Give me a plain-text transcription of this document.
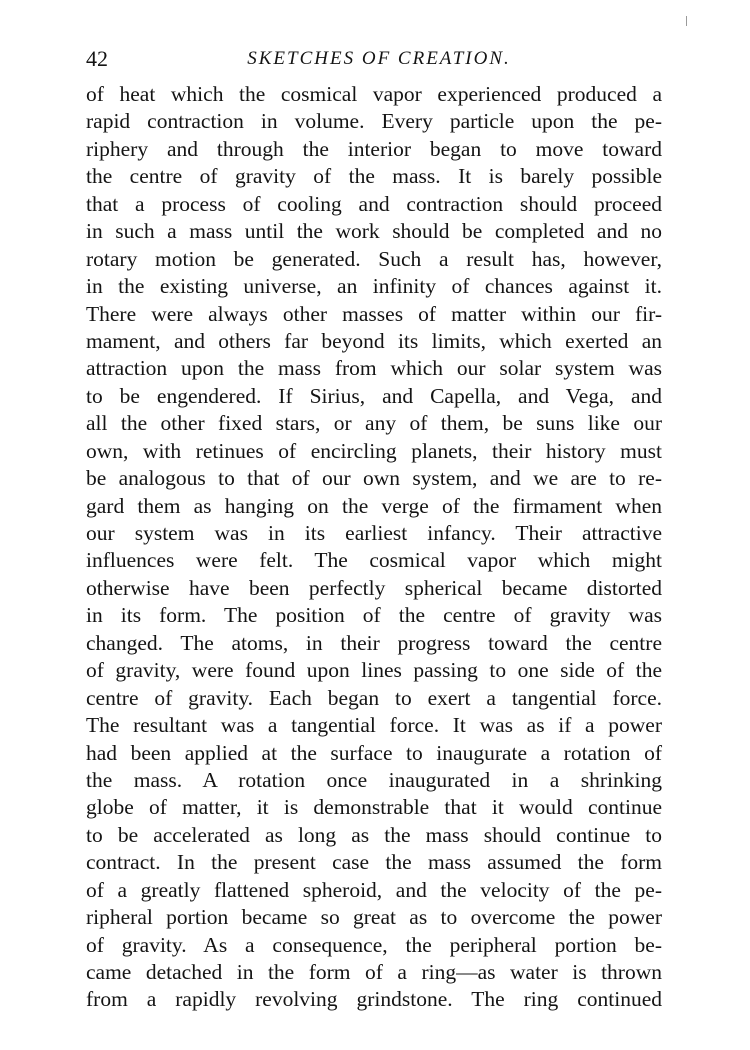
42	SKETCHES OF CREATION.
of heat which the cosmical vapor experienced produced a
rapid contraction in volume. Every particle upon the pe-
riphery and through the interior began to move toward
the centre of gravity of the mass. It is barely possible
that a process of cooling and contraction should proceed
in such a mass until the work should be completed and no
rotary motion be generated. Such a result has, however,
in the existing universe, an infinity of chances against it.
There were always other masses of matter within our fir-
mament, and others far beyond its limits, which exerted an
attraction upon the mass from which our solar system was
to be engendered. If Sirius, and Capella, and Vega, and
all the other fixed stars, or any of them, be suns like our
own, with retinues of encircling planets, their history must
be analogous to that of our own system, and we are to re-
gard them as hanging on the verge of the firmament when
our system was in its earliest infancy. Their attractive
influences were felt. The cosmical vapor which might
otherwise have been perfectly spherical became distorted
in its form. The position of the centre of gravity was
changed. The atoms, in their progress toward the centre
of gravity, were found upon lines passing to one side of the
centre of gravity. Each began to exert a tangential force.
The resultant was a tangential force. It was as if a power
had been applied at the surface to inaugurate a rotation of
the mass. A rotation once inaugurated in a shrinking
globe of matter, it is demonstrable that it would continue
to be accelerated as long as the mass should continue to
contract. In the present case the mass assumed the form
of a greatly flattened spheroid, and the velocity of the pe-
ripheral portion became so great as to overcome the power
of gravity. As a consequence, the peripheral portion be-
came detached in the form of a ring—as water is thrown
from a rapidly revolving grindstone. The ring continued
